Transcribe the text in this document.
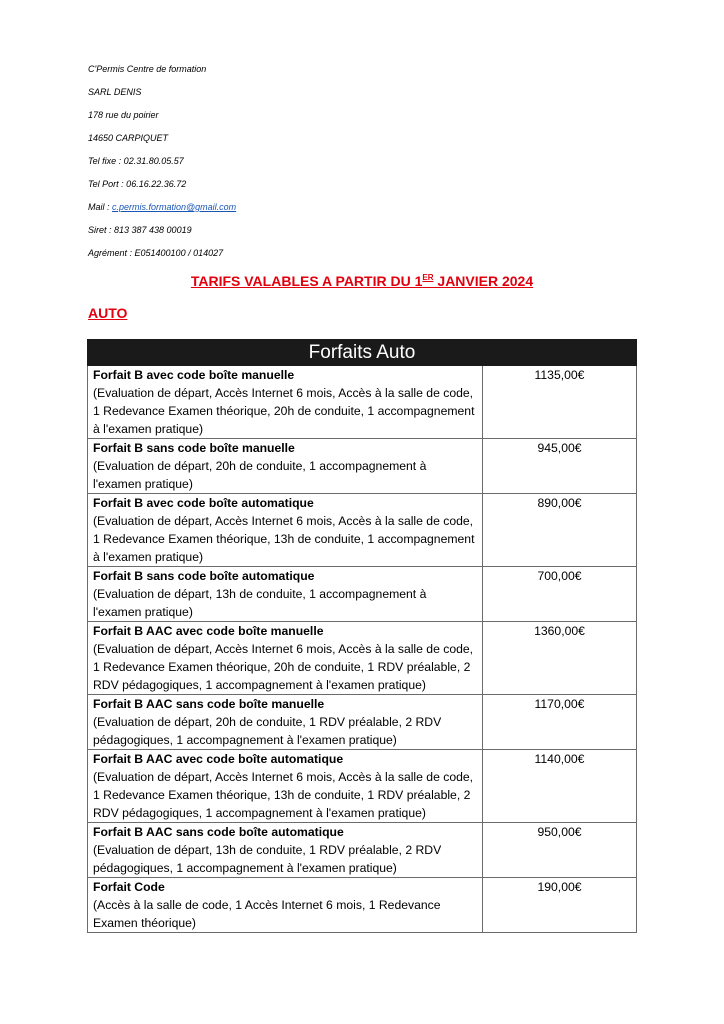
C'Permis Centre de formation
SARL DENIS
178 rue du poirier
14650 CARPIQUET
Tel fixe : 02.31.80.05.57
Tel Port : 06.16.22.36.72
Mail : c.permis.formation@gmail.com
Siret : 813 387 438 00019
Agrément : E051400100 / 014027
TARIFS VALABLES A PARTIR DU 1ER JANVIER 2024
AUTO
Forfaits Auto	
Forfait B avec code boîte manuelle
(Evaluation de départ, Accès Internet 6 mois, Accès à la salle de code, 1 Redevance Examen théorique, 20h de conduite, 1 accompagnement à l'examen pratique)	1135,00€
Forfait B sans code boîte manuelle
(Evaluation de départ, 20h de conduite, 1 accompagnement à l'examen pratique)	945,00€
Forfait B avec code boîte automatique
(Evaluation de départ, Accès Internet 6 mois, Accès à la salle de code, 1 Redevance Examen théorique, 13h de conduite, 1 accompagnement à l'examen pratique)	890,00€
Forfait B sans code boîte automatique
(Evaluation de départ, 13h de conduite, 1 accompagnement à l'examen pratique)	700,00€
Forfait B AAC avec code boîte manuelle
(Evaluation de départ, Accès Internet 6 mois, Accès à la salle de code, 1 Redevance Examen théorique, 20h de conduite, 1 RDV préalable, 2 RDV pédagogiques, 1 accompagnement à l'examen pratique)	1360,00€
Forfait B AAC sans code boîte manuelle
(Evaluation de départ, 20h de conduite, 1 RDV préalable, 2 RDV pédagogiques, 1 accompagnement à l'examen pratique)	1170,00€
Forfait B AAC avec code boîte automatique
(Evaluation de départ, Accès Internet 6 mois, Accès à la salle de code, 1 Redevance Examen théorique, 13h de conduite, 1 RDV préalable, 2 RDV pédagogiques, 1 accompagnement à l'examen pratique)	1140,00€
Forfait B AAC sans code boîte automatique
(Evaluation de départ, 13h de conduite, 1 RDV préalable, 2 RDV pédagogiques, 1 accompagnement à l'examen pratique)	950,00€
Forfait Code
(Accès à la salle de code, 1 Accès Internet 6 mois, 1 Redevance Examen théorique)	190,00€
